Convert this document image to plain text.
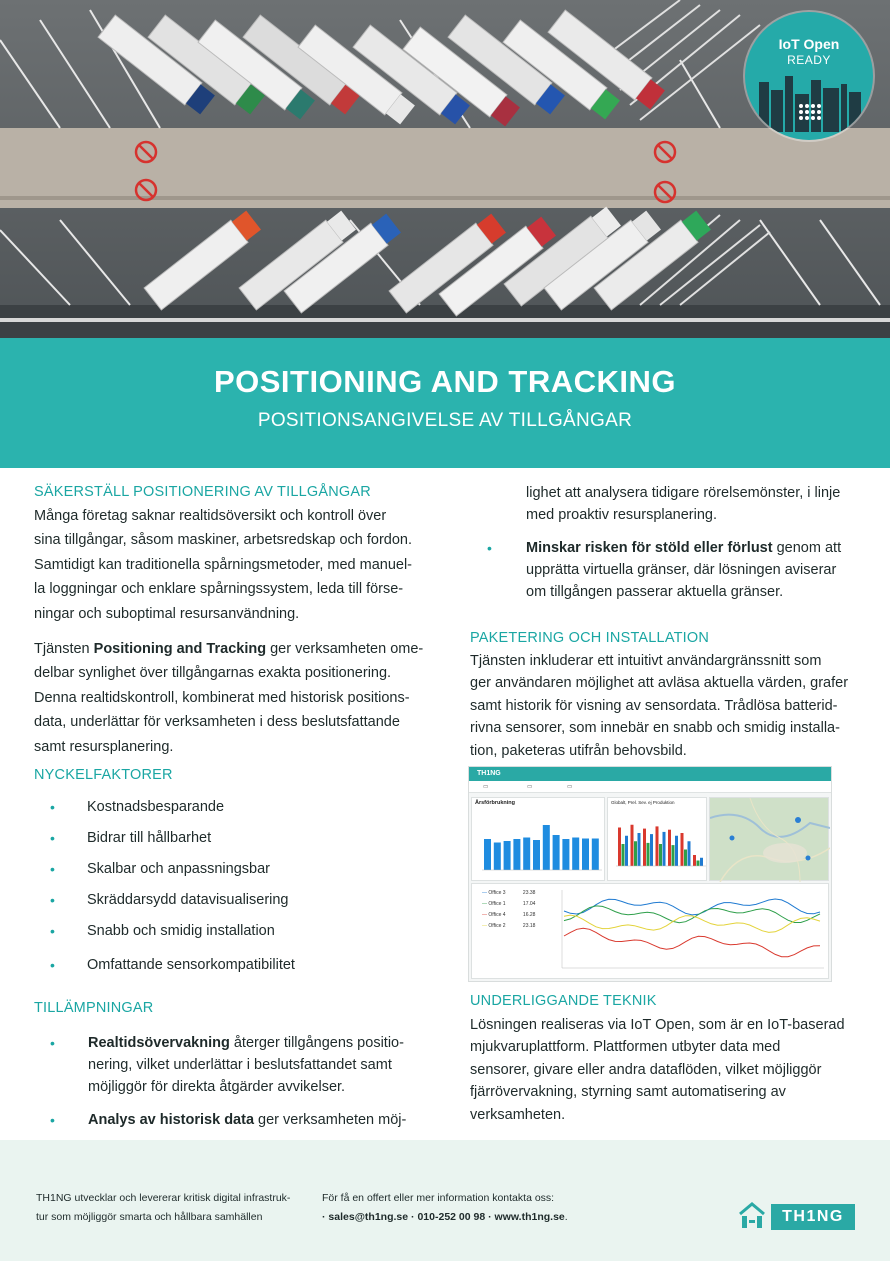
IoT Open
READY
POSITIONING AND TRACKING
POSITIONSANGIVELSE AV TILLGÅNGAR
SÄKERSTÄLL POSITIONERING AV TILLGÅNGAR
Många företag saknar realtidsöversikt och kontroll över
sina tillgångar, såsom maskiner, arbetsredskap och fordon.
Samtidigt kan traditionella spårningsmetoder, med manuel-
la loggningar och enklare spårningssystem, leda till förse-
ningar och suboptimal resursanvändning.
Tjänsten Positioning and Tracking ger verksamheten ome-
delbar synlighet över tillgångarnas exakta positionering.
Denna realtidskontroll, kombinerat med historisk positions-
data, underlättar för verksamheten i dess beslutsfattande
samt resursplanering.
NYCKELFAKTORER
• Kostnadsbesparande
• Bidrar till hållbarhet
• Skalbar och anpassningsbar
• Skräddarsydd datavisualisering
• Snabb och smidig installation
• Omfattande sensorkompatibilitet
TILLÄMPNINGAR
• Realtidsövervakning återger tillgångens positio-
nering, vilket underlättar i beslutsfattandet samt
möjliggör för direkta åtgärder avvikelser.
• Analys av historisk data ger verksamheten möj-
lighet att analysera tidigare rörelsemönster, i linje
med proaktiv resursplanering.
• Minskar risken för stöld eller förlust genom att
upprätta virtuella gränser, där lösningen aviserar
om tillgången passerar aktuella gränser.
PAKETERING OCH INSTALLATION
Tjänsten inkluderar ett intuitivt användargränssnitt som
ger användaren möjlighet att avläsa aktuella värden, grafer
samt historik för visning av sensordata. Trådlösa batterid-
rivna sensorer, som innebär en snabb och smidig installa-
tion, paketeras utifrån behovsbild.
TH1NG
▭	▭	▭
Ärsförbrukning	Globalt, Prel. Sev. ej Produktion
— Office 3	23.38
— Office 1	17.04
— Office 4	16.28
— Office 2	23.18
UNDERLIGGANDE TEKNIK
Lösningen realiseras via IoT Open, som är en IoT-baserad
mjukvaruplattform. Plattformen utbyter data med
sensorer, givare eller andra dataflöden, vilket möjliggör
fjärrövervakning, styrning samt automatisering av
verksamheten.
TH1NG utvecklar och levererar kritisk digital infrastruk-
tur som möjliggör smarta och hållbara samhällen
För få en offert eller mer information kontakta oss:
· sales@th1ng.se · 010-252 00 98 · www.th1ng.se.	TH1NG
